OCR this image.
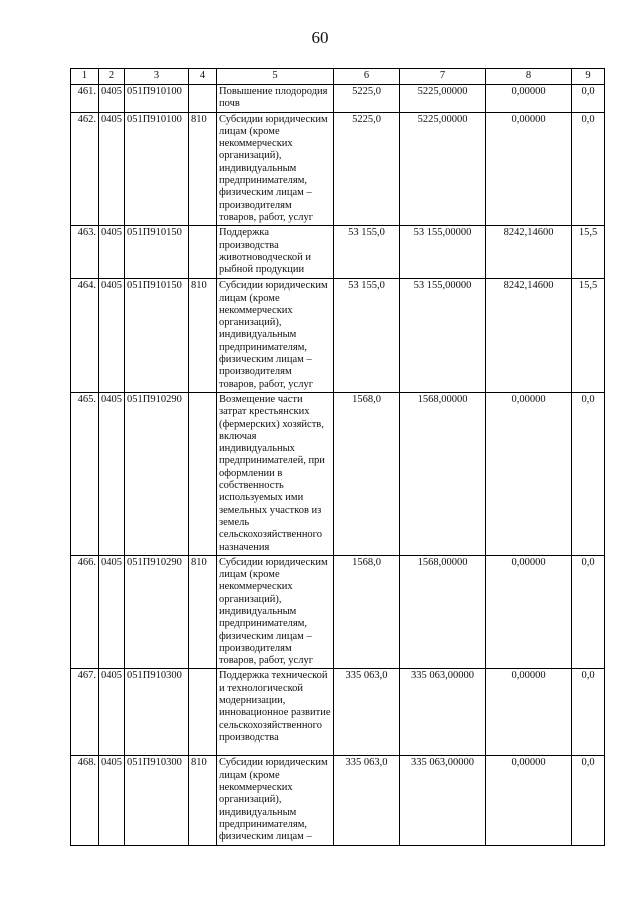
60
1	2	3	4	5	6	7	8	9
461.	0405	051П910100		Повышение плодородия почв	5225,0	5225,00000	0,00000	0,0
462.	0405	051П910100	810	Субсидии юридическим лицам (кроме некоммерческих организаций), индивидуальным предпринимателям, физическим лицам – производителям товаров, работ, услуг	5225,0	5225,00000	0,00000	0,0
463.	0405	051П910150		Поддержка производства животноводческой и рыбной продукции	53 155,0	53 155,00000	8242,14600	15,5
464.	0405	051П910150	810	Субсидии юридическим лицам (кроме некоммерческих организаций), индивидуальным предпринимателям, физическим лицам – производителям товаров, работ, услуг	53 155,0	53 155,00000	8242,14600	15,5
465.	0405	051П910290		Возмещение части затрат крестьянских (фермерских) хозяйств, включая индивидуальных предпринимателей, при оформлении в собственность используемых ими земельных участков из земель сельскохозяйственного назначения	1568,0	1568,00000	0,00000	0,0
466.	0405	051П910290	810	Субсидии юридическим лицам (кроме некоммерческих организаций), индивидуальным предпринимателям, физическим лицам – производителям товаров, работ, услуг	1568,0	1568,00000	0,00000	0,0
467.	0405	051П910300		Поддержка технической и технологической модернизации, инновационное развитие сельскохозяйственного производства	335 063,0	335 063,00000	0,00000	0,0
468.	0405	051П910300	810	Субсидии юридическим лицам (кроме некоммерческих организаций), индивидуальным предпринимателям, физическим лицам –	335 063,0	335 063,00000	0,00000	0,0
